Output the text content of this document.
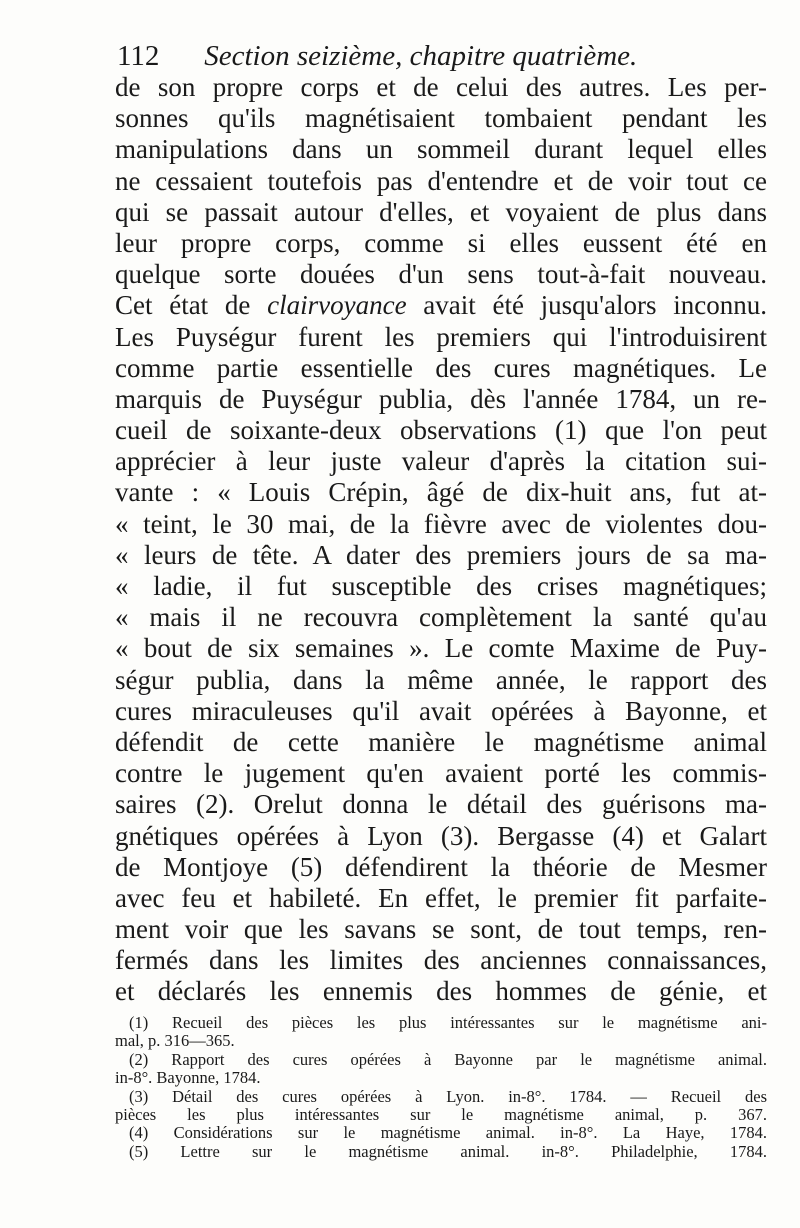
112 Section seizième, chapitre quatrième.
de son propre corps et de celui des autres. Les per-
sonnes qu'ils magnétisaient tombaient pendant les
manipulations dans un sommeil durant lequel elles
ne cessaient toutefois pas d'entendre et de voir tout ce
qui se passait autour d'elles, et voyaient de plus dans
leur propre corps, comme si elles eussent été en
quelque sorte douées d'un sens tout-à-fait nouveau.
Cet état de clairvoyance avait été jusqu'alors inconnu.
Les Puységur furent les premiers qui l'introduisirent
comme partie essentielle des cures magnétiques. Le
marquis de Puységur publia, dès l'année 1784, un re-
cueil de soixante-deux observations (1) que l'on peut
apprécier à leur juste valeur d'après la citation sui-
vante : « Louis Crépin, âgé de dix-huit ans, fut at-
« teint, le 30 mai, de la fièvre avec de violentes dou-
« leurs de tête. A dater des premiers jours de sa ma-
« ladie, il fut susceptible des crises magnétiques;
« mais il ne recouvra complètement la santé qu'au
« bout de six semaines ». Le comte Maxime de Puy-
ségur publia, dans la même année, le rapport des
cures miraculeuses qu'il avait opérées à Bayonne, et
défendit de cette manière le magnétisme animal
contre le jugement qu'en avaient porté les commis-
saires (2). Orelut donna le détail des guérisons ma-
gnétiques opérées à Lyon (3). Bergasse (4) et Galart
de Montjoye (5) défendirent la théorie de Mesmer
avec feu et habileté. En effet, le premier fit parfaite-
ment voir que les savans se sont, de tout temps, ren-
fermés dans les limites des anciennes connaissances,
et déclarés les ennemis des hommes de génie, et
(1) Recueil des pièces les plus intéressantes sur le magnétisme ani-
mal, p. 316—365.
(2) Rapport des cures opérées à Bayonne par le magnétisme animal.
in-8°. Bayonne, 1784.
(3) Détail des cures opérées à Lyon. in-8°. 1784. — Recueil des
pièces les plus intéressantes sur le magnétisme animal, p. 367.
(4) Considérations sur le magnétisme animal. in-8°. La Haye, 1784.
(5) Lettre sur le magnétisme animal. in-8°. Philadelphie, 1784.
